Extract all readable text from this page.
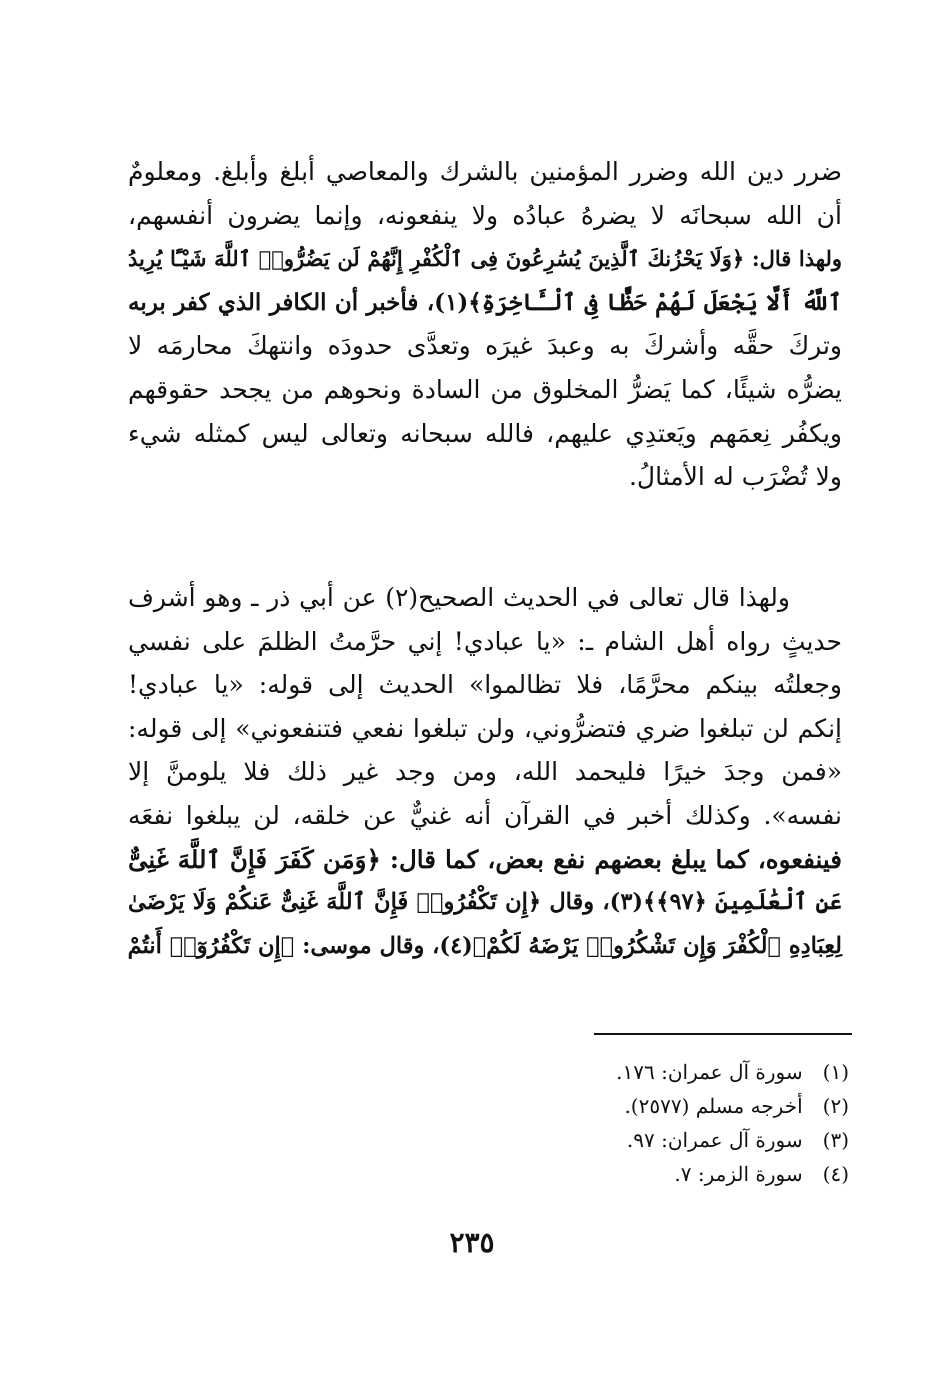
ضرر دين الله وضرر المؤمنين بالشرك والمعاصي أبلغ وأبلغ. ومعلومٌ
أن الله سبحانَه لا يضرهُ عبادُه ولا ينفعونه، وإنما يضرون أنفسهم،
ولهذا قال: ﴿وَلَا يَحْزُنكَ ٱلَّذِينَ يُسَٰرِعُونَ فِى ٱلْكُفْرِ إِنَّهُمْ لَن يَضُرُّوا۟ ٱللَّهَ شَيْـًٔا يُرِيدُ
ٱللَّهُ أَلَّا يَجْعَلَ لَهُمْ حَظًّا فِى ٱلْـَٔاخِرَةِ﴾(١)، فأخبر أن الكافر الذي كفر بربه
وتركَ حقَّه وأشركَ به وعبدَ غيرَه وتعدَّى حدودَه وانتهكَ محارمَه لا
يضرُّه شيئًا، كما يَضرُّ المخلوق من السادة ونحوهم من يجحد حقوقهم
ويكفُر نِعمَهم ويَعتدِي عليهم، فالله سبحانه وتعالى ليس كمثله شيء
ولا تُضْرَب له الأمثالُ.
ولهذا قال تعالى في الحديث الصحيح(٢) عن أبي ذر ـ وهو أشرف
حديثٍ رواه أهل الشام ـ: «يا عبادي! إني حرَّمتُ الظلمَ على نفسي
وجعلتُه بينكم محرَّمًا، فلا تظالموا» الحديث إلى قوله: «يا عبادي!
إنكم لن تبلغوا ضري فتضرُّوني، ولن تبلغوا نفعي فتنفعوني» إلى قوله:
«فمن وجدَ خيرًا فليحمد الله، ومن وجد غير ذلك فلا يلومنَّ إلا
نفسه». وكذلك أخبر في القرآن أنه غنيٌّ عن خلقه، لن يبلغوا نفعَه
فينفعوه، كما يبلغ بعضهم نفع بعض، كما قال: ﴿وَمَن كَفَرَ فَإِنَّ ٱللَّهَ غَنِىٌّ
عَنِ ٱلْعَٰلَمِينَ ﴿٩٧﴾﴾(٣)، وقال ﴿إِن تَكْفُرُوا۟ فَإِنَّ ٱللَّهَ غَنِىٌّ عَنكُمْ وَلَا يَرْضَىٰ
لِعِبَادِهِ ٱلْكُفْرَ وَإِن تَشْكُرُوا۟ يَرْضَهُ لَكُمْ﴾(٤)، وقال موسى: ﴿إِن تَكْفُرُوٓا۟ أَنتُمْ
(١) سورة آل عمران: ١٧٦.
(٢) أخرجه مسلم (٢٥٧٧).
(٣) سورة آل عمران: ٩٧.
(٤) سورة الزمر: ٧.
٢٣٥
